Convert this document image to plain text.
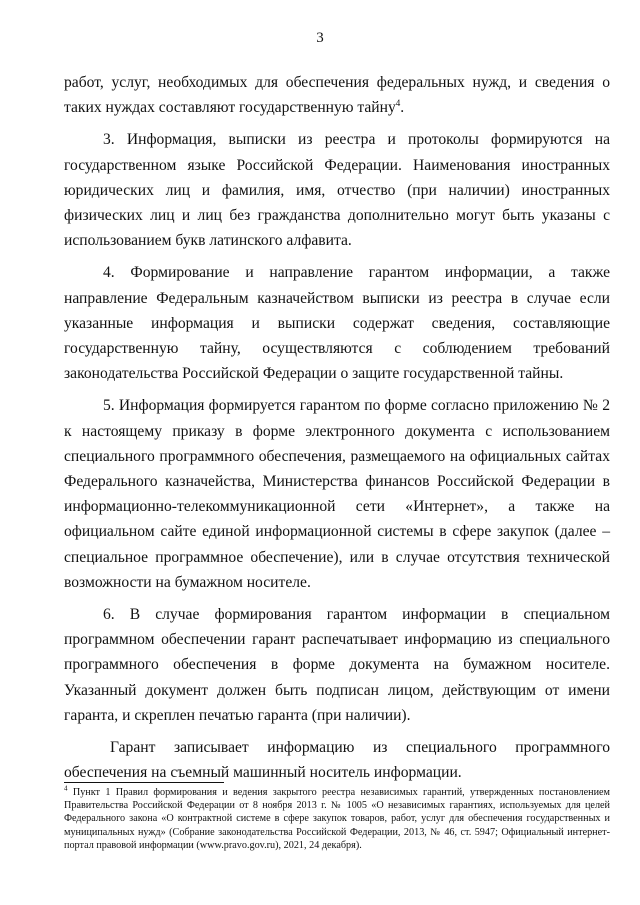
3

работ, услуг, необходимых для обеспечения федеральных нужд, и сведения о таких нуждах составляют государственную тайну$^4$.

3. Информация, выписки из реестра и протоколы формируются на государственном языке Российской Федерации. Наименования иностранных юридических лиц и фамилия, имя, отчество (при наличии) иностранных физических лиц и лиц без гражданства дополнительно могут быть указаны с использованием букв латинского алфавита.

4. Формирование и направление гарантом информации, а также направление Федеральным казначейством выписки из реестра в случае если указанные информация и выписки содержат сведения, составляющие государственную тайну, осуществляются с соблюдением требований законодательства Российской Федерации о защите государственной тайны.

5. Информация формируется гарантом по форме согласно приложению № 2 к настоящему приказу в форме электронного документа с использованием специального программного обеспечения, размещаемого на официальных сайтах Федерального казначейства, Министерства финансов Российской Федерации в информационно-телекоммуникационной сети «Интернет», а также на официальном сайте единой информационной системы в сфере закупок (далее – специальное программное обеспечение), или в случае отсутствия технической возможности на бумажном носителе.

6. В случае формирования гарантом информации в специальном программном обеспечении гарант распечатывает информацию из специального программного обеспечения в форме документа на бумажном носителе. Указанный документ должен быть подписан лицом, действующим от имени гаранта, и скреплен печатью гаранта (при наличии).

Гарант записывает информацию из специального программного обеспечения на съемный машинный носитель информации.

$^4$ Пункт 1 Правил формирования и ведения закрытого реестра независимых гарантий, утвержденных постановлением Правительства Российской Федерации от 8 ноября 2013 г. № 1005 «О независимых гарантиях, используемых для целей Федерального закона «О контрактной системе в сфере закупок товаров, работ, услуг для обеспечения государственных и муниципальных нужд» (Собрание законодательства Российской Федерации, 2013, № 46, ст. 5947; Официальный интернет-портал правовой информации (www.pravo.gov.ru), 2021, 24 декабря).
